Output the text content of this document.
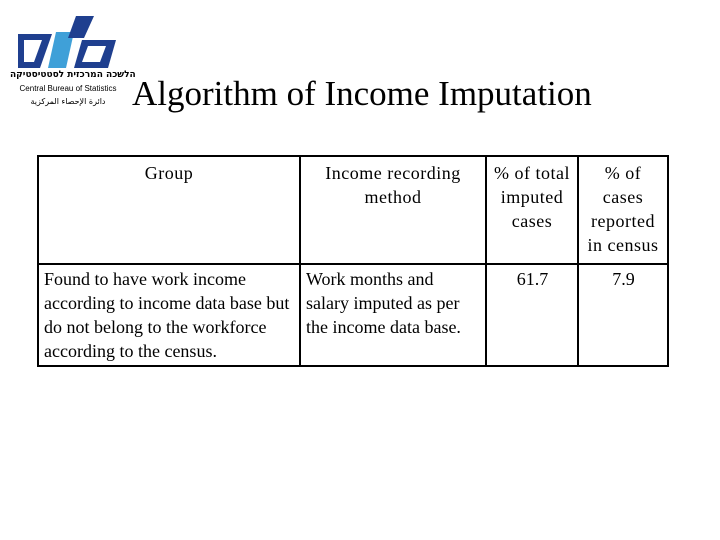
הלשכה המרכזית לסטטיסטיקה
Central Bureau of Statistics
دائرة الإحصاء المركزية Algorithm of Income Imputation
Group	Income recording method	% of total imputed cases	% of cases reported in census
Found to have work income according to income data base but do not belong to the workforce according to the census.	Work months and salary imputed as per the income data base.	61.7	7.9
